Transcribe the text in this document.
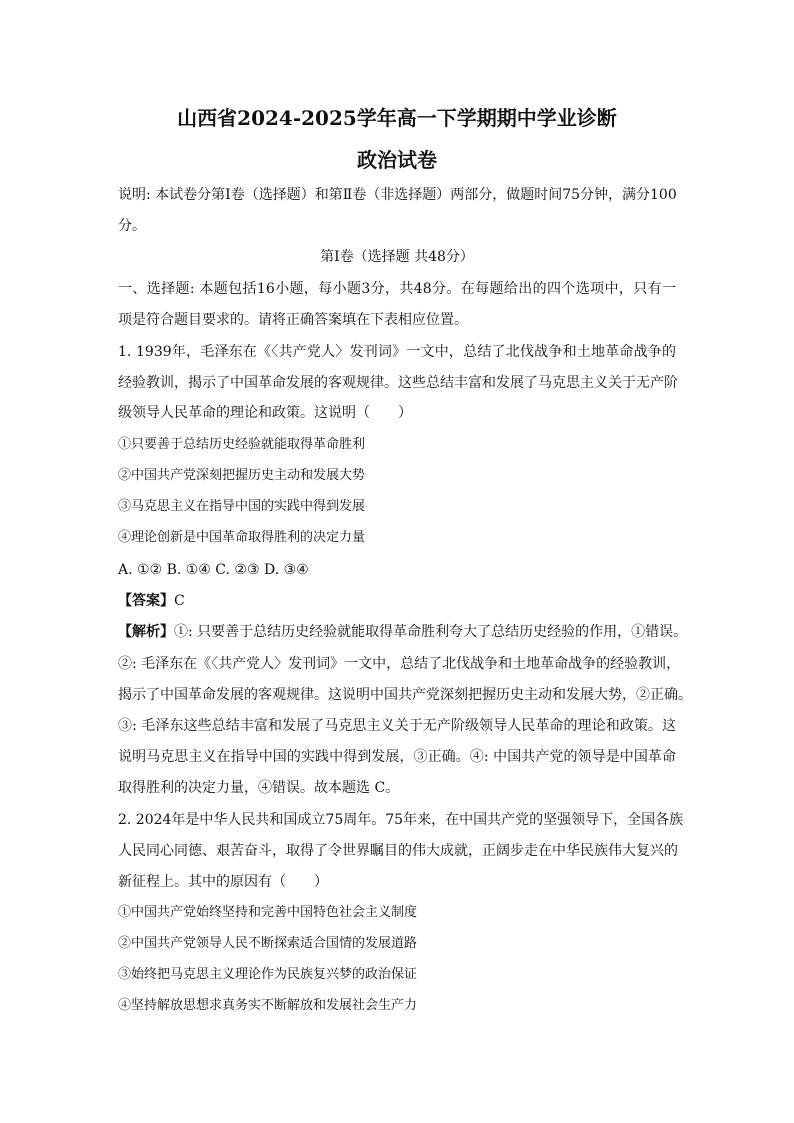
山西省2024-2025学年高一下学期期中学业诊断
政治试卷
说明: 本试卷分第Ⅰ卷（选择题）和第Ⅱ卷（非选择题）两部分，做题时间75分钟，满分100
分。
第Ⅰ卷（选择题 共48分）
一、选择题: 本题包括16小题，每小题3分，共48分。在每题给出的四个选项中，只有一
项是符合题目要求的。请将正确答案填在下表相应位置。
1. 1939年，毛泽东在《〈共产党人〉发刊词》一文中，总结了北伐战争和土地革命战争的
经验教训，揭示了中国革命发展的客观规律。这些总结丰富和发展了马克思主义关于无产阶
级领导人民革命的理论和政策。这说明（　　）
①只要善于总结历史经验就能取得革命胜利
②中国共产党深刻把握历史主动和发展大势
③马克思主义在指导中国的实践中得到发展
④理论创新是中国革命取得胜利的决定力量
A. ①② B. ①④ C. ②③ D. ③④
【答案】C
【解析】①: 只要善于总结历史经验就能取得革命胜利夸大了总结历史经验的作用，①错误。
②: 毛泽东在《〈共产党人〉发刊词》一文中，总结了北伐战争和土地革命战争的经验教训，
揭示了中国革命发展的客观规律。这说明中国共产党深刻把握历史主动和发展大势，②正确。
③: 毛泽东这些总结丰富和发展了马克思主义关于无产阶级领导人民革命的理论和政策。这
说明马克思主义在指导中国的实践中得到发展，③正确。④: 中国共产党的领导是中国革命
取得胜利的决定力量，④错误。故本题选 C。
2. 2024年是中华人民共和国成立75周年。75年来，在中国共产党的坚强领导下，全国各族
人民同心同德、艰苦奋斗，取得了令世界瞩目的伟大成就，正阔步走在中华民族伟大复兴的
新征程上。其中的原因有（　　）
①中国共产党始终坚持和完善中国特色社会主义制度
②中国共产党领导人民不断探索适合国情的发展道路
③始终把马克思主义理论作为民族复兴梦的政治保证
④坚持解放思想求真务实不断解放和发展社会生产力
